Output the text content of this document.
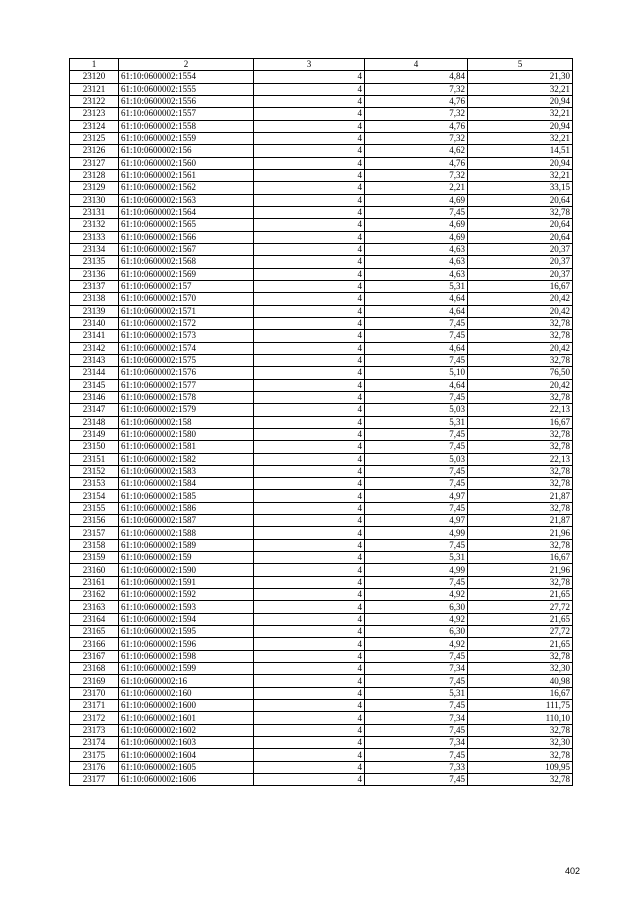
1	2	3	4	5
23120	61:10:0600002:1554	4	4,84	21,30
23121	61:10:0600002:1555	4	7,32	32,21
23122	61:10:0600002:1556	4	4,76	20,94
23123	61:10:0600002:1557	4	7,32	32,21
23124	61:10:0600002:1558	4	4,76	20,94
23125	61:10:0600002:1559	4	7,32	32,21
23126	61:10:0600002:156	4	4,62	14,51
23127	61:10:0600002:1560	4	4,76	20,94
23128	61:10:0600002:1561	4	7,32	32,21
23129	61:10:0600002:1562	4	2,21	33,15
23130	61:10:0600002:1563	4	4,69	20,64
23131	61:10:0600002:1564	4	7,45	32,78
23132	61:10:0600002:1565	4	4,69	20,64
23133	61:10:0600002:1566	4	4,69	20,64
23134	61:10:0600002:1567	4	4,63	20,37
23135	61:10:0600002:1568	4	4,63	20,37
23136	61:10:0600002:1569	4	4,63	20,37
23137	61:10:0600002:157	4	5,31	16,67
23138	61:10:0600002:1570	4	4,64	20,42
23139	61:10:0600002:1571	4	4,64	20,42
23140	61:10:0600002:1572	4	7,45	32,78
23141	61:10:0600002:1573	4	7,45	32,78
23142	61:10:0600002:1574	4	4,64	20,42
23143	61:10:0600002:1575	4	7,45	32,78
23144	61:10:0600002:1576	4	5,10	76,50
23145	61:10:0600002:1577	4	4,64	20,42
23146	61:10:0600002:1578	4	7,45	32,78
23147	61:10:0600002:1579	4	5,03	22,13
23148	61:10:0600002:158	4	5,31	16,67
23149	61:10:0600002:1580	4	7,45	32,78
23150	61:10:0600002:1581	4	7,45	32,78
23151	61:10:0600002:1582	4	5,03	22,13
23152	61:10:0600002:1583	4	7,45	32,78
23153	61:10:0600002:1584	4	7,45	32,78
23154	61:10:0600002:1585	4	4,97	21,87
23155	61:10:0600002:1586	4	7,45	32,78
23156	61:10:0600002:1587	4	4,97	21,87
23157	61:10:0600002:1588	4	4,99	21,96
23158	61:10:0600002:1589	4	7,45	32,78
23159	61:10:0600002:159	4	5,31	16,67
23160	61:10:0600002:1590	4	4,99	21,96
23161	61:10:0600002:1591	4	7,45	32,78
23162	61:10:0600002:1592	4	4,92	21,65
23163	61:10:0600002:1593	4	6,30	27,72
23164	61:10:0600002:1594	4	4,92	21,65
23165	61:10:0600002:1595	4	6,30	27,72
23166	61:10:0600002:1596	4	4,92	21,65
23167	61:10:0600002:1598	4	7,45	32,78
23168	61:10:0600002:1599	4	7,34	32,30
23169	61:10:0600002:16	4	7,45	40,98
23170	61:10:0600002:160	4	5,31	16,67
23171	61:10:0600002:1600	4	7,45	111,75
23172	61:10:0600002:1601	4	7,34	110,10
23173	61:10:0600002:1602	4	7,45	32,78
23174	61:10:0600002:1603	4	7,34	32,30
23175	61:10:0600002:1604	4	7,45	32,78
23176	61:10:0600002:1605	4	7,33	109,95
23177	61:10:0600002:1606	4	7,45	32,78
402
